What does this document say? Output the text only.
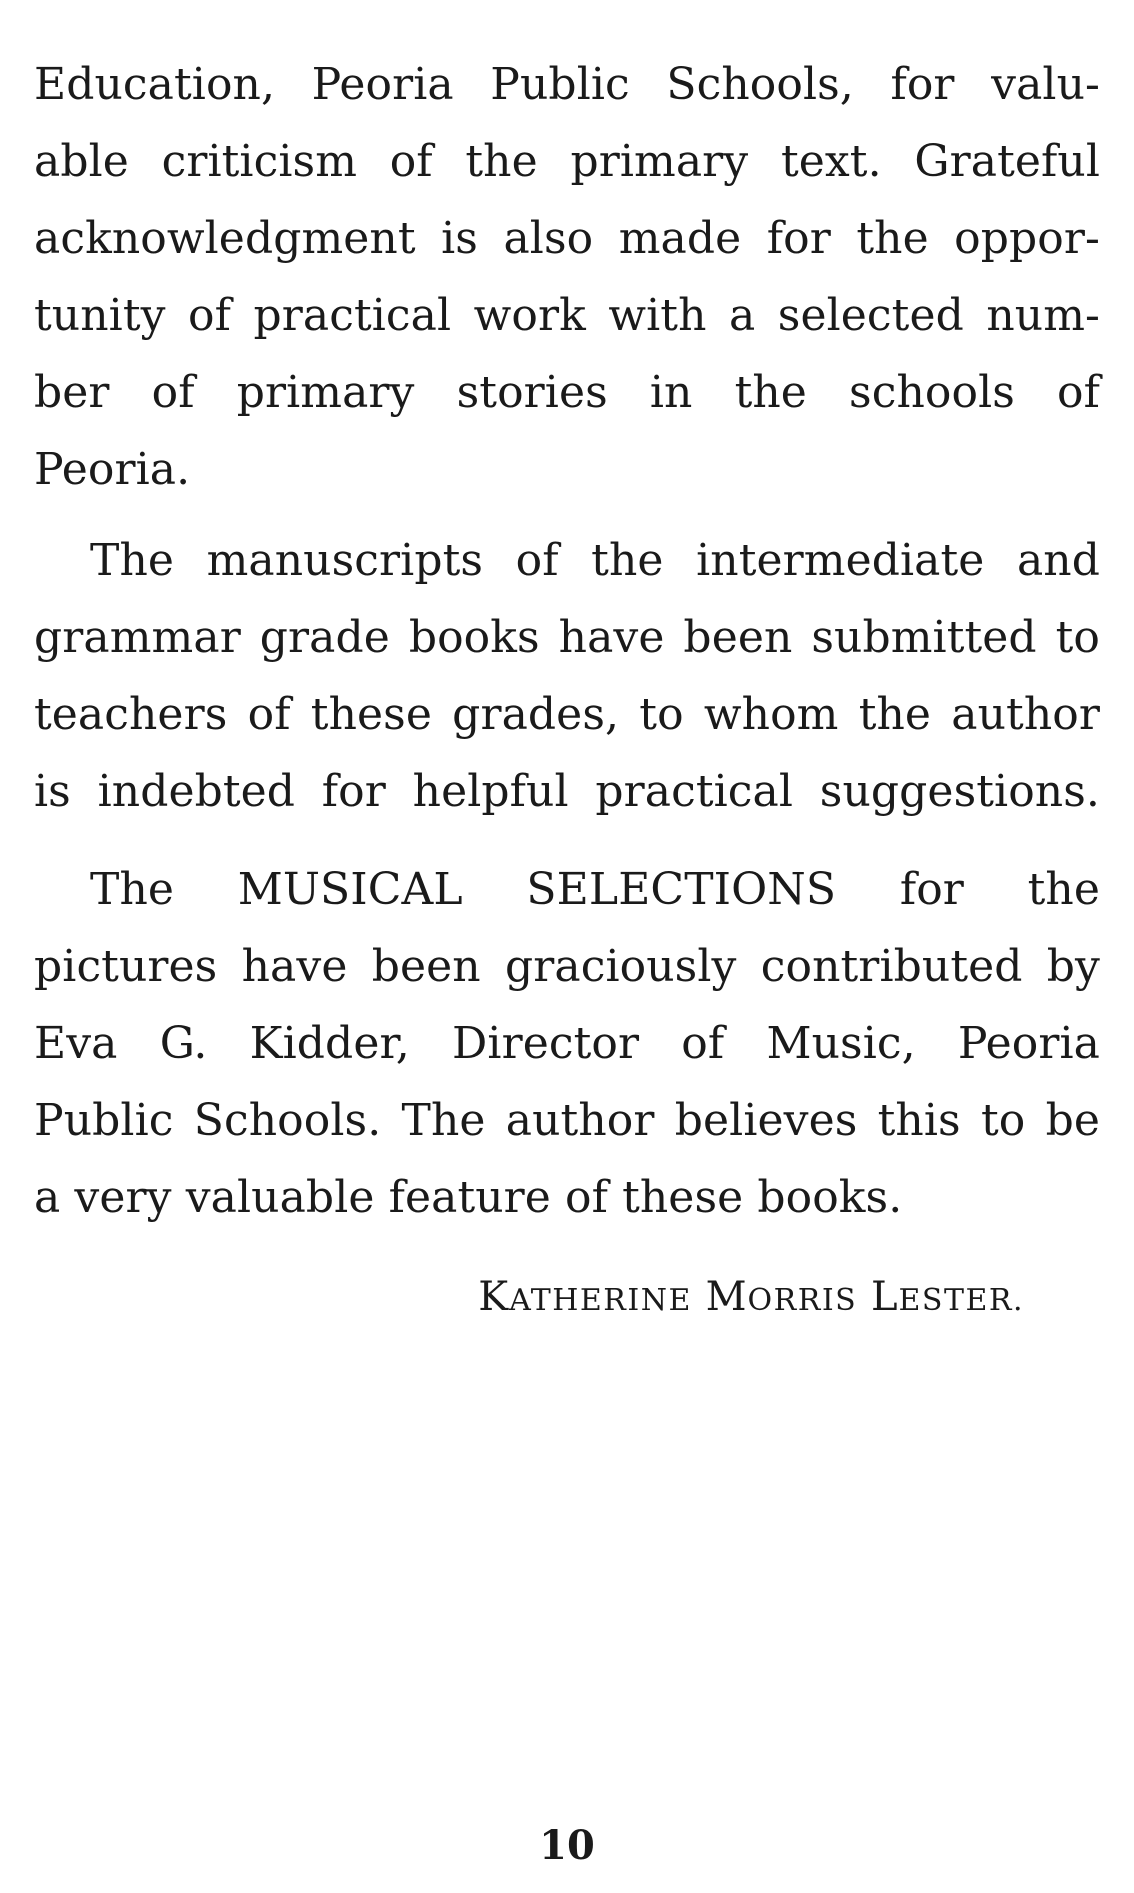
Education, Peoria Public Schools, for valu-
able criticism of the primary text. Grateful
acknowledgment is also made for the oppor-
tunity of practical work with a selected num-
ber of primary stories in the schools of
Peoria.
The manuscripts of the intermediate and
grammar grade books have been submitted to
teachers of these grades, to whom the author
is indebted for helpful practical suggestions.
The MUSICAL SELECTIONS for the
pictures have been graciously contributed by
Eva G. Kidder, Director of Music, Peoria
Public Schools. The author believes this to be
a very valuable feature of these books.
KATHERINE MORRIS LESTER.
10
